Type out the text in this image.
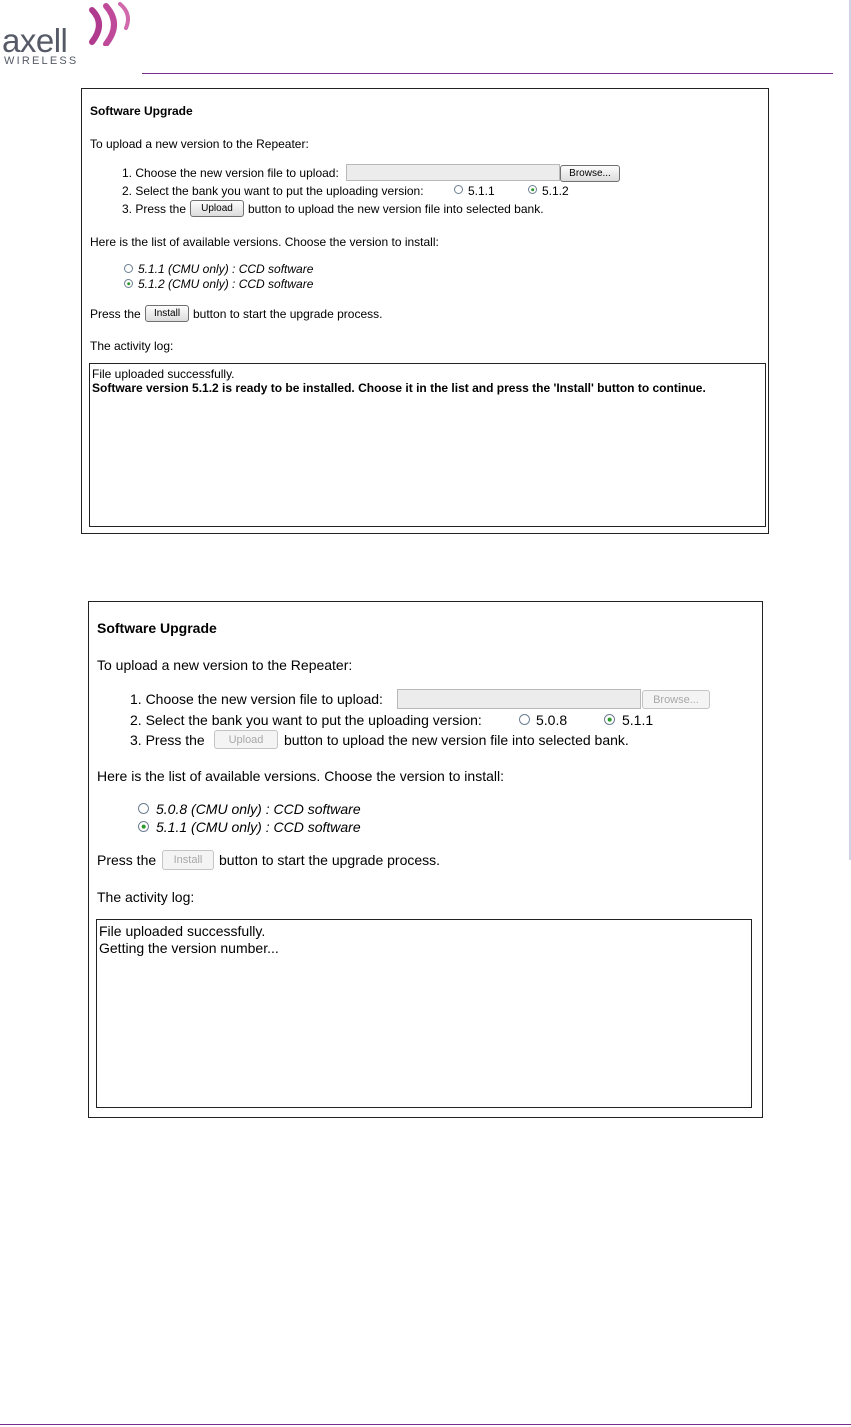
axell
WIRELESS
Software Upgrade
To upload a new version to the Repeater:
1. Choose the new version file to upload:	Browse...
2. Select the bank you want to put the uploading version:	5.1.1	5.1.2
3. Press the	Upload	button to upload the new version file into selected bank.
Here is the list of available versions. Choose the version to install:
5.1.1 (CMU only) : CCD software
5.1.2 (CMU only) : CCD software
Press the	Install	button to start the upgrade process.
The activity log:
File uploaded successfully.
Software version 5.1.2 is ready to be installed. Choose it in the list and press the 'Install' button to continue.
Software Upgrade
To upload a new version to the Repeater:
1. Choose the new version file to upload:	Browse...
2. Select the bank you want to put the uploading version:	5.0.8	5.1.1
3. Press the	Upload	button to upload the new version file into selected bank.
Here is the list of available versions. Choose the version to install:
5.0.8 (CMU only) : CCD software
5.1.1 (CMU only) : CCD software
Press the	Install	button to start the upgrade process.
The activity log:
File uploaded successfully.
Getting the version number...
